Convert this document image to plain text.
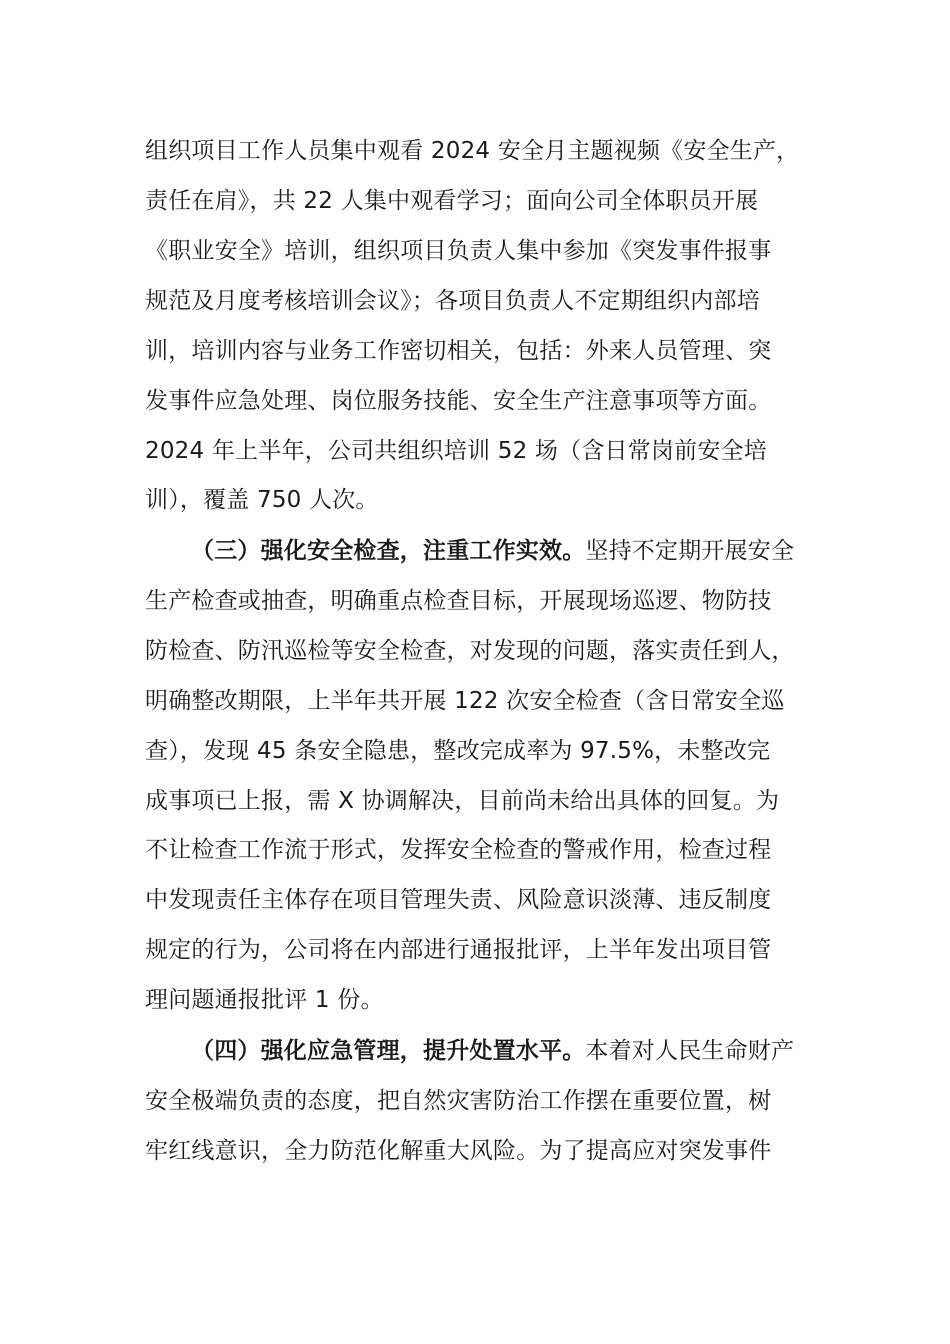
组织项目工作人员集中观看 2024 安全月主题视频《安全生产，
责任在肩》，共 22 人集中观看学习；面向公司全体职员开展
《职业安全》培训，组织项目负责人集中参加《突发事件报事
规范及月度考核培训会议》；各项目负责人不定期组织内部培
训，培训内容与业务工作密切相关，包括：外来人员管理、突
发事件应急处理、岗位服务技能、安全生产注意事项等方面。
2024 年上半年，公司共组织培训 52 场（含日常岗前安全培
训），覆盖 750 人次。
（三）强化安全检查，注重工作实效。坚持不定期开展安全
生产检查或抽查，明确重点检查目标，开展现场巡逻、物防技
防检查、防汛巡检等安全检查，对发现的问题，落实责任到人，
明确整改期限，上半年共开展 122 次安全检查（含日常安全巡
查），发现 45 条安全隐患，整改完成率为 97.5%，未整改完
成事项已上报，需 X 协调解决，目前尚未给出具体的回复。为
不让检查工作流于形式，发挥安全检查的警戒作用，检查过程
中发现责任主体存在项目管理失责、风险意识淡薄、违反制度
规定的行为，公司将在内部进行通报批评，上半年发出项目管
理问题通报批评 1 份。
（四）强化应急管理，提升处置水平。本着对人民生命财产
安全极端负责的态度，把自然灾害防治工作摆在重要位置，树
牢红线意识，全力防范化解重大风险。为了提高应对突发事件
